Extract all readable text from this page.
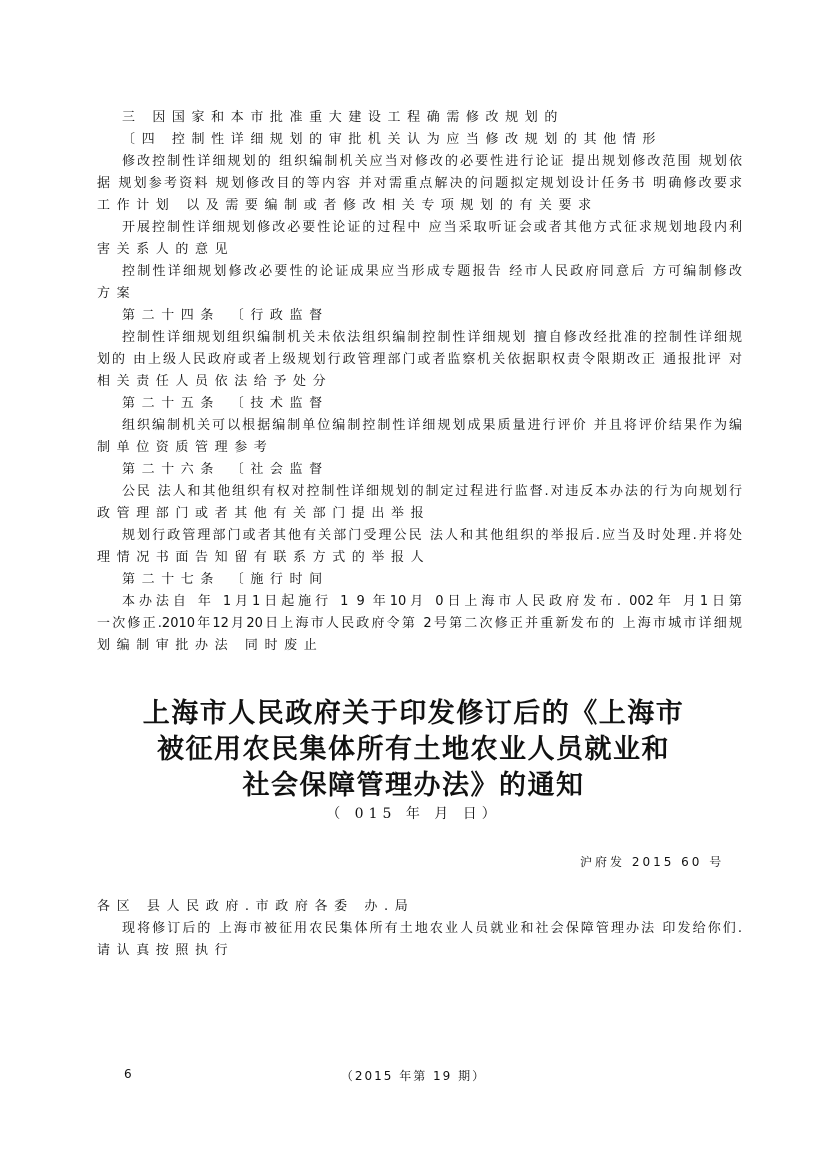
三 因国家和本市批准重大建设工程确需修改规划的
〔四 控制性详细规划的审批机关认为应当修改规划的其他情形
修改控制性详细规划的 组织编制机关应当对修改的必要性进行论证 提出规划修改范围 规划依
据 规划参考资料 规划修改目的等内容 并对需重点解决的问题拟定规划设计任务书 明确修改要求
工作计划 以及需要编制或者修改相关专项规划的有关要求
开展控制性详细规划修改必要性论证的过程中 应当采取听证会或者其他方式征求规划地段内利
害关系人的意见
控制性详细规划修改必要性的论证成果应当形成专题报告 经市人民政府同意后 方可编制修改
方案
第二十四条 〔行政监督
控制性详细规划组织编制机关未依法组织编制控制性详细规划 擅自修改经批准的控制性详细规
划的 由上级人民政府或者上级规划行政管理部门或者监察机关依据职权责令限期改正 通报批评 对
相关责任人员依法给予处分
第二十五条 〔技术监督
组织编制机关可以根据编制单位编制控制性详细规划成果质量进行评价 并且将评价结果作为编
制单位资质管理参考
第二十六条 〔社会监督
公民 法人和其他组织有权对控制性详细规划的制定过程进行监督.对违反本办法的行为向规划行
政管理部门或者其他有关部门提出举报
规划行政管理部门或者其他有关部门受理公民 法人和其他组织的举报后.应当及时处理.并将处
理情况书面告知留有联系方式的举报人
第二十七条 〔施行时间
本办法自 年 1月1日起施行 1 9 年10月 0日上海市人民政府发布. 002年 月1日第
一次修正.2010年12月20日上海市人民政府令第 2号第二次修正并重新发布的 上海市城市详细规
划编制审批办法 同时废止
上海市人民政府关于印发修订后的《上海市
被征用农民集体所有土地农业人员就业和
社会保障管理办法》的通知
（ 015 年 月 日）
沪府发 2015 60 号
各区 县人民政府.市政府各委 办.局
现将修订后的 上海市被征用农民集体所有土地农业人员就业和社会保障管理办法 印发给你们.
请认真按照执行
6	（2015 年第 19 期）
